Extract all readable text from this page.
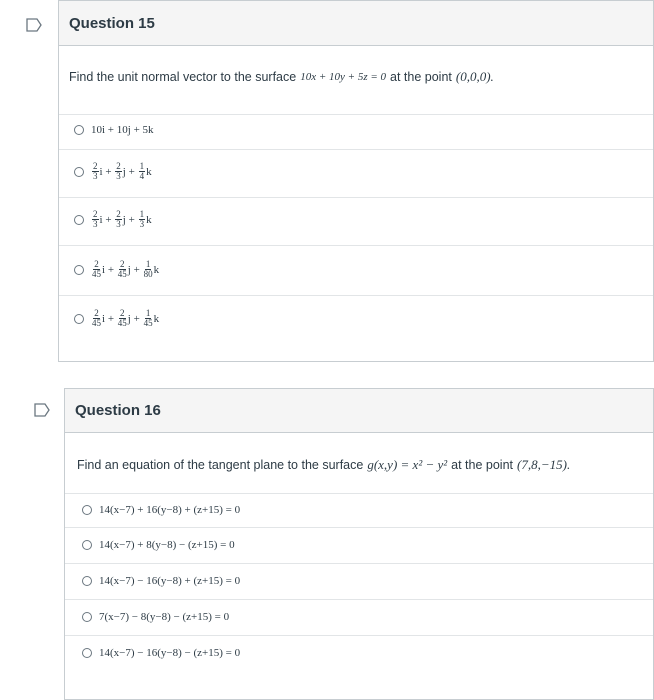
Question 15
Find the unit normal vector to the surface 10x + 10y + 5z = 0 at the point (0,0,0).
10i + 10j + 5k
$\frac{2}{3}$ $i + \frac{2}{3}$ $j + \frac{1}{4}$ k
$\frac{2}{3}$ $i + \frac{2}{3}$ $j + \frac{1}{3}$ k
$\frac{2}{45}$ $i + \frac{2}{45}$ $j + \frac{1}{80}$ k
$\frac{2}{45}$ $i + \frac{2}{45}$ $j + \frac{1}{45}$ k
Question 16
Find an equation of the tangent plane to the surface g(x,y) = x² − y² at the point (7,8,−15).
14(x−7) + 16(y−8) + (z+15) = 0
14(x−7) + 8(y−8) − (z+15) = 0
14(x−7) − 16(y−8) + (z+15) = 0
7(x−7) − 8(y−8) − (z+15) = 0
14(x−7) − 16(y−8) − (z+15) = 0
